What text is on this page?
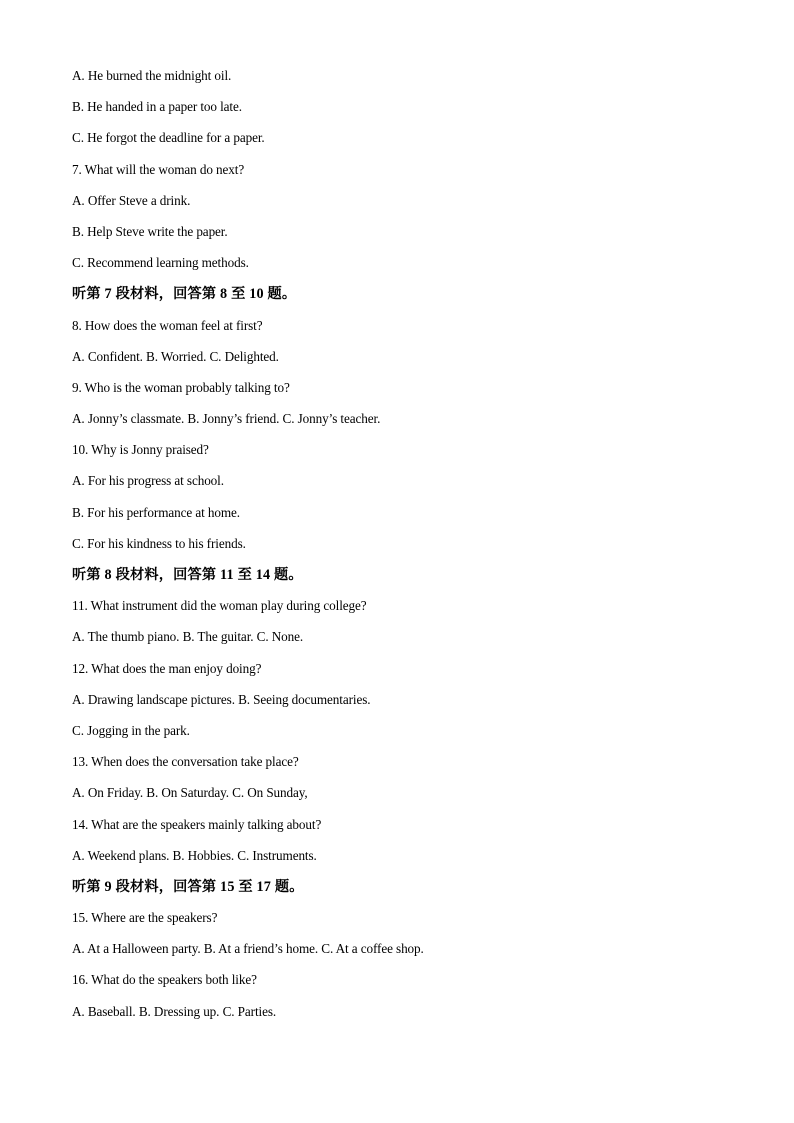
A. He burned the midnight oil.
B. He handed in a paper too late.
C. He forgot the deadline for a paper.
7. What will the woman do next?
A. Offer Steve a drink.
B. Help Steve write the paper.
C. Recommend learning methods.
听第 7 段材料，回答第 8 至 10 题。
8. How does the woman feel at first?
A. Confident. B. Worried. C. Delighted.
9. Who is the woman probably talking to?
A. Jonny’s classmate. B. Jonny’s friend. C. Jonny’s teacher.
10. Why is Jonny praised?
A. For his progress at school.
B. For his performance at home.
C. For his kindness to his friends.
听第 8 段材料，回答第 11 至 14 题。
11. What instrument did the woman play during college?
A. The thumb piano. B. The guitar. C. None.
12. What does the man enjoy doing?
A. Drawing landscape pictures. B. Seeing documentaries.
C. Jogging in the park.
13. When does the conversation take place?
A. On Friday. B. On Saturday. C. On Sunday,
14. What are the speakers mainly talking about?
A. Weekend plans. B. Hobbies. C. Instruments.
听第 9 段材料，回答第 15 至 17 题。
15. Where are the speakers?
A. At a Halloween party. B. At a friend’s home. C. At a coffee shop.
16. What do the speakers both like?
A. Baseball. B. Dressing up. C. Parties.
